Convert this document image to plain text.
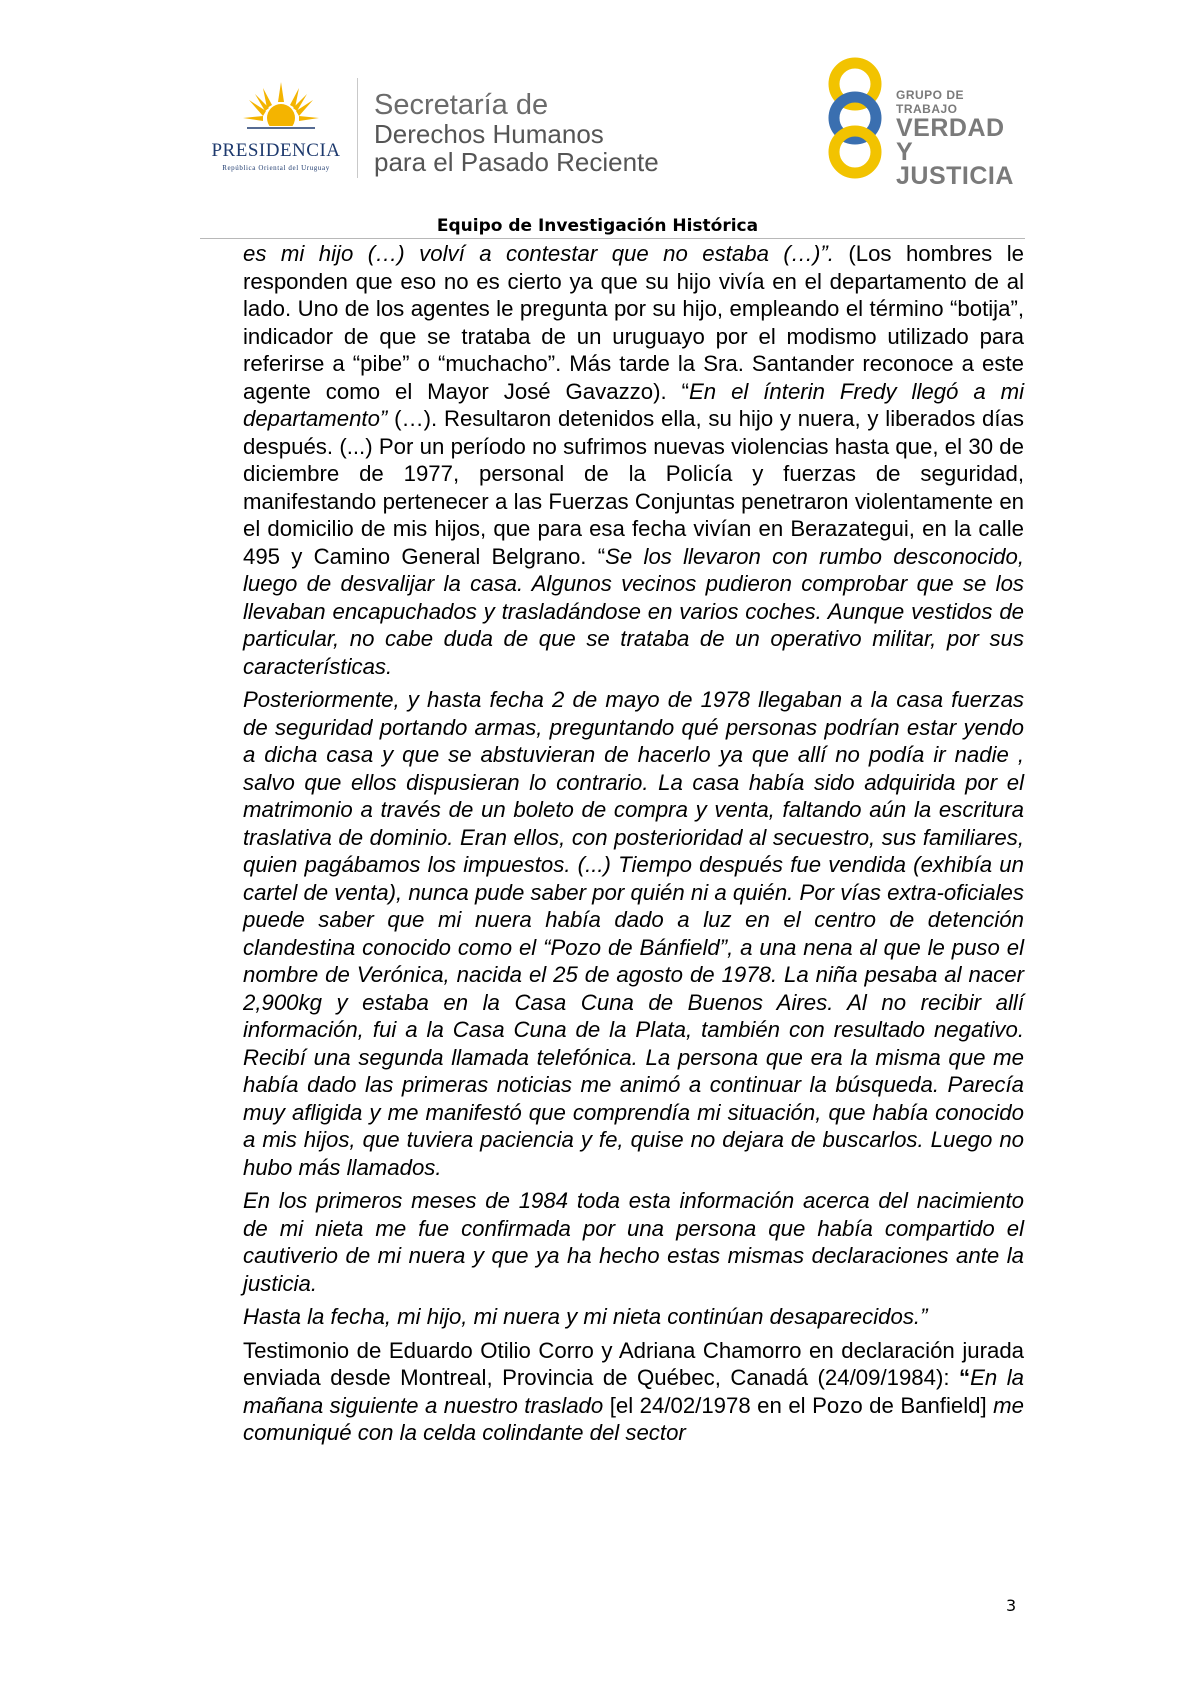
PRESIDENCIA
República Oriental del Uruguay
Secretaría de
Derechos Humanos
para el Pasado Reciente
GRUPO DE TRABAJO
VERDAD Y
JUSTICIA
Equipo de Investigación Histórica

es mi hijo (…) volví a contestar que no estaba (…)”. (Los hombres le responden que eso no es cierto ya que su hijo vivía en el departamento de al lado. Uno de los agentes le pregunta por su hijo, empleando el término “botija”, indicador de que se trataba de un uruguayo por el modismo utilizado para referirse a “pibe” o “muchacho”. Más tarde la Sra. Santander reconoce a este agente como el Mayor José Gavazzo). “En el ínterin Fredy llegó a mi departamento” (…). Resultaron detenidos ella, su hijo y nuera, y liberados días después. (...) Por un período no sufrimos nuevas violencias hasta que, el 30 de diciembre de 1977, personal de la Policía y fuerzas de seguridad, manifestando pertenecer a las Fuerzas Conjuntas penetraron violentamente en el domicilio de mis hijos, que para esa fecha vivían en Berazategui, en la calle 495 y Camino General Belgrano. “Se los llevaron con rumbo desconocido, luego de desvalijar la casa. Algunos vecinos pudieron comprobar que se los llevaban encapuchados y trasladándose en varios coches. Aunque vestidos de particular, no cabe duda de que se trataba de un operativo militar, por sus características.

Posteriormente, y hasta fecha 2 de mayo de 1978 llegaban a la casa fuerzas de seguridad portando armas, preguntando qué personas podrían estar yendo a dicha casa y que se abstuvieran de hacerlo ya que allí no podía ir nadie , salvo que ellos dispusieran lo contrario. La casa había sido adquirida por el matrimonio a través de un boleto de compra y venta, faltando aún la escritura traslativa de dominio. Eran ellos, con posterioridad al secuestro, sus familiares, quien pagábamos los impuestos. (...) Tiempo después fue vendida (exhibía un cartel de venta), nunca pude saber por quién ni a quién. Por vías extra-oficiales puede saber que mi nuera había dado a luz en el centro de detención clandestina conocido como el “Pozo de Bánfield”, a una nena al que le puso el nombre de Verónica, nacida el 25 de agosto de 1978. La niña pesaba al nacer 2,900kg y estaba en la Casa Cuna de Buenos Aires. Al no recibir allí información, fui a la Casa Cuna de la Plata, también con resultado negativo. Recibí una segunda llamada telefónica. La persona que era la misma que me había dado las primeras noticias me animó a continuar la búsqueda. Parecía muy afligida y me manifestó que comprendía mi situación, que había conocido a mis hijos, que tuviera paciencia y fe, quise no dejara de buscarlos. Luego no hubo más llamados.

En los primeros meses de 1984 toda esta información acerca del nacimiento de mi nieta me fue confirmada por una persona que había compartido el cautiverio de mi nuera y que ya ha hecho estas mismas declaraciones ante la justicia.

Hasta la fecha, mi hijo, mi nuera y mi nieta continúan desaparecidos.”

Testimonio de Eduardo Otilio Corro y Adriana Chamorro en declaración jurada enviada desde Montreal, Provincia de Québec, Canadá (24/09/1984): “En la mañana siguiente a nuestro traslado [el 24/02/1978 en el Pozo de Banfield] me comuniqué con la celda colindante del sector

3
